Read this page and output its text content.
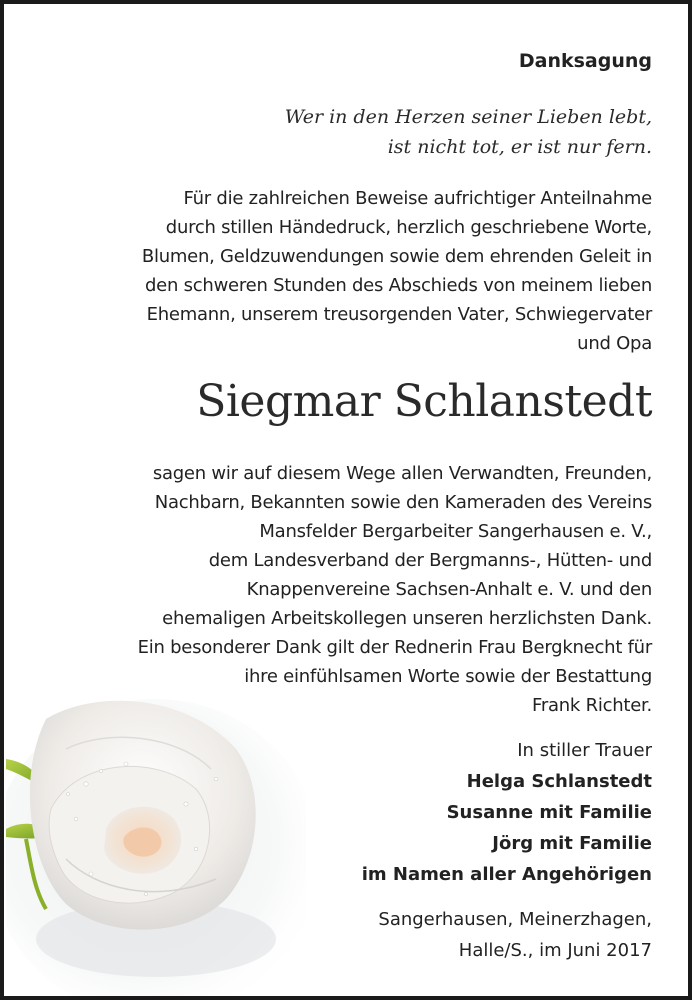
Danksagung
Wer in den Herzen seiner Lieben lebt,
ist nicht tot, er ist nur fern.
Für die zahlreichen Beweise aufrichtiger Anteilnahme
durch stillen Händedruck, herzlich geschriebene Worte,
Blumen, Geldzuwendungen sowie dem ehrenden Geleit in
den schweren Stunden des Abschieds von meinem lieben
Ehemann, unserem treusorgenden Vater, Schwiegervater
und Opa
Siegmar Schlanstedt
sagen wir auf diesem Wege allen Verwandten, Freunden,
Nachbarn, Bekannten sowie den Kameraden des Vereins
Mansfelder Bergarbeiter Sangerhausen e. V.,
dem Landesverband der Bergmanns-, Hütten- und
Knappenvereine Sachsen-Anhalt e. V. und den
ehemaligen Arbeitskollegen unseren herzlichsten Dank.
Ein besonderer Dank gilt der Rednerin Frau Bergknecht für
ihre einfühlsamen Worte sowie der Bestattung
Frank Richter.
In stiller Trauer
Helga Schlanstedt
Susanne mit Familie
Jörg mit Familie
im Namen aller Angehörigen
Sangerhausen, Meinerzhagen,
Halle/S., im Juni 2017
